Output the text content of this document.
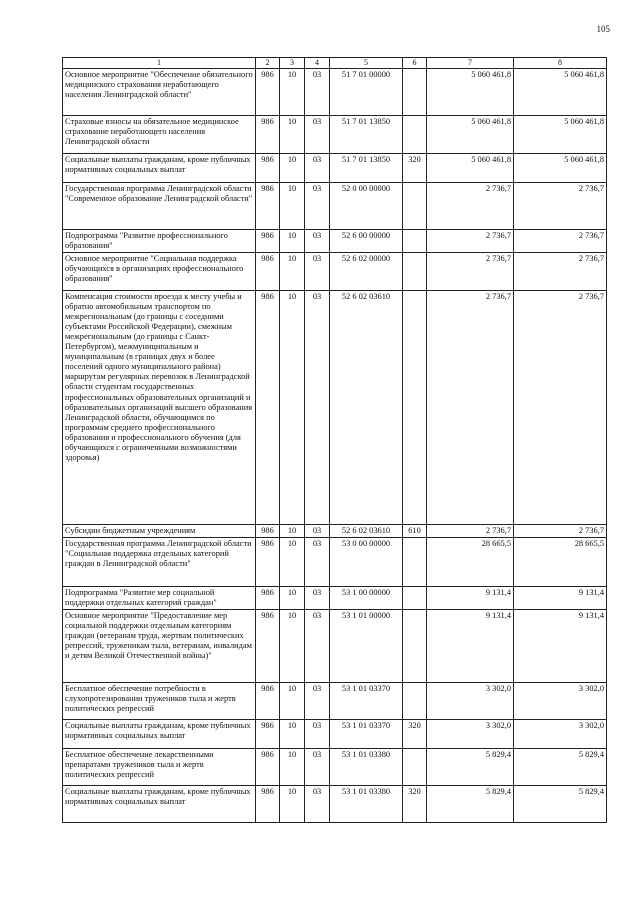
105
1	2	3	4	5	6	7	8
Основное мероприятие "Обеспечение обязательного медицинского страхования неработающего населения Ленинградской области"	986	10	03	51 7 01 00000		5 060 461,8	5 060 461,8
Страховые взносы на обязательное медицинское страхование неработающего населения Ленинградской области	986	10	03	51 7 01 13850		5 060 461,8	5 060 461,8
Социальные выплаты гражданам, кроме публичных нормативных социальных выплат	986	10	03	51 7 01 13850	320	5 060 461,8	5 060 461,8
Государственная программа Ленинградской области "Современное образование Ленинградской области"	986	10	03	52 0 00 00000		2 736,7	2 736,7
Подпрограмма "Развитие профессионального образования"	986	10	03	52 6 00 00000		2 736,7	2 736,7
Основное мероприятие "Социальная поддержка обучающихся в организациях профессионального образования"	986	10	03	52 6 02 00000		2 736,7	2 736,7
Компенсация стоимости проезда к месту учебы и обратно автомобильным транспортом по межрегиональным (до границы с соседними субъектами Российской Федерации), смежным межрегиональным (до границы с Санкт-Петербургом), межмуниципальным и муниципальным (в границах двух и более поселений одного муниципального района) маршрутам регулярных перевозок в Ленинградской области студентам государственных профессиональных образовательных организаций и образовательных организаций высшего образования Ленинградской области, обучающимся по программам среднего профессионального образования и профессионального обучения (для обучающихся с ограниченными возможностями здоровья)	986	10	03	52 6 02 03610		2 736,7	2 736,7
Субсидии бюджетным учреждениям	986	10	03	52 6 02 03610	610	2 736,7	2 736,7
Государственная программа Ленинградской области "Социальная поддержка отдельных категорий граждан в Ленинградской области"	986	10	03	53 0 00 00000		28 665,5	28 665,5
Подпрограмма "Развитие мер социальной поддержки отдельных категорий граждан"	986	10	03	53 1 00 00000		9 131,4	9 131,4
Основное мероприятие "Предоставление мер социальной поддержки отдельным категориям граждан (ветеранам труда, жертвам политических репрессий, труженикам тыла, ветеранам, инвалидам и детям Великой Отечественной войны)"	986	10	03	53 1 01 00000		9 131,4	9 131,4
Бесплатное обеспечение потребности в слухопротезировании тружеников тыла и жертв политических репрессий	986	10	03	53 1 01 03370		3 302,0	3 302,0
Социальные выплаты гражданам, кроме публичных нормативных социальных выплат	986	10	03	53 1 01 03370	320	3 302,0	3 302,0
Бесплатное обеспечение лекарственными препаратами тружеников тыла и жертв политических репрессий	986	10	03	53 1 01 03380		5 829,4	5 829,4
Социальные выплаты гражданам, кроме публичных нормативных социальных выплат	986	10	03	53 1 01 03380	320	5 829,4	5 829,4
